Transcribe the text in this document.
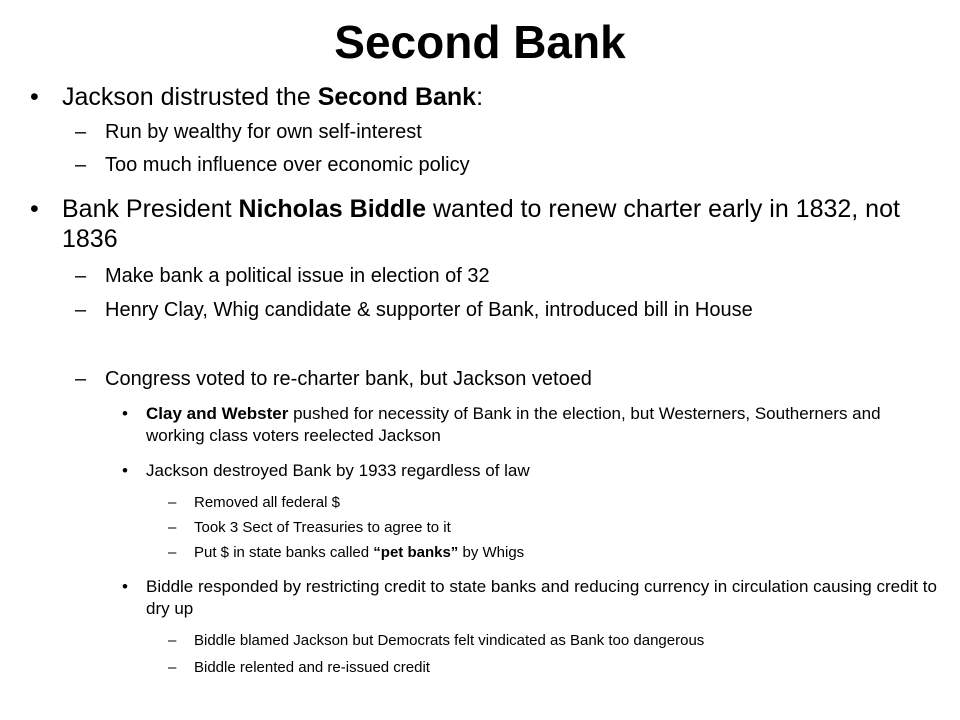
Second Bank
• Jackson distrusted the Second Bank:
– Run by wealthy for own self-interest
– Too much influence over economic policy
• Bank President Nicholas Biddle wanted to renew charter early in 1832, not 1836
– Make bank a political issue in election of 32
– Henry Clay, Whig candidate & supporter of Bank, introduced bill in House
– Congress voted to re-charter bank, but Jackson vetoed
• Clay and Webster pushed for necessity of Bank in the election, but Westerners, Southerners and working class voters reelected Jackson
• Jackson destroyed Bank by 1933 regardless of law
– Removed all federal $
– Took 3 Sect of Treasuries to agree to it
– Put $ in state banks called “pet banks” by Whigs
• Biddle responded by restricting credit to state banks and reducing currency in circulation causing credit to dry up
– Biddle blamed Jackson but Democrats felt vindicated as Bank too dangerous
– Biddle relented and re-issued credit
